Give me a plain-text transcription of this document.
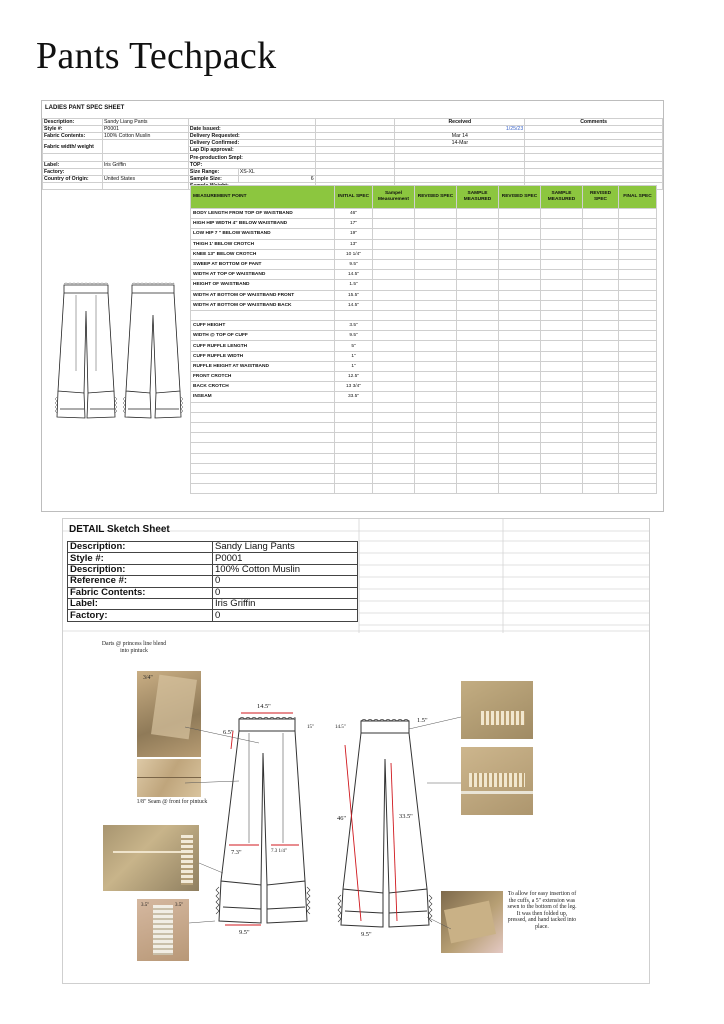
Pants Techpack
LADIES PANT SPEC SHEET
Description:	Sandy Liang Pants				Received	Comments
Style #:	P0001	Date Issued:			1/25/23	
Fabric Contents:	100% Cotton Muslin	Delivery Requested:			Mar 14	
Fabric width/ weight		Delivery Confirmed:			14-Mar	
		Lap Dip approval:				
		Pre-production Smpl:				
Label:	Iris Griffin	TOP:				
Factory:		Size Range:	XS-XL			
Country of Origin:	United States	Sample Size:	6			

MEASUREMENT POINT	INITIAL SPEC	Sampel Measurement	REVISED SPEC	SAMPLE MEASURED	REVISED SPEC	SAMPLE MEASURED	REVISED SPEC	FINAL SPEC
BODY LENGTH FROM TOP OF WAISTBAND	46"							
HIGH HIP WIDTH 4" BELOW WAISTBAND	17"							
LOW HIP 7 " BELOW WAISTBAND	19"							
THIGH 1' BELOW CROTCH	13"							
KNEE 13" BELOW CROTCH	10 1/4"							
SWEEP AT BOTTOM OF PANT	9.5"							
WIDTH AT TOP OF WAISTBAND	14.5"							
HEIGHT OF WAISTBAND	1.5"							
WIDTH AT BOTTOM OF WAISTBAND FRONT	15.5"							
WIDTH AT BOTTOM OF WAISTBAND BACK	14.5"							

CUFF HEIGHT	3.5"							
WIDTH @ TOP OF CUFF	9.5"							
CUFF RUFFLE LENGTH	5"							
CUFF RUFFLE WIDTH	1"							
RUFFLE HEIGHT AT WAISTBAND	1"							
FRONT CROTCH	12.5"							
BACK CROTCH	13 3/4"							
INSEAM	33.5"							

DETAIL Sketch Sheet
Description:	Sandy Liang Pants
Style #:	P0001
Description:	100% Cotton Muslin
Reference #:	0
Fabric Contents:	0
Label:	Iris Griffin
Factory:	0
Darts @ princess line blend into pintuck
3/4"
1/8" Seam @ front for pintuck
To allow for easy insertion of the cuffs, a 5" extension was sewn to the bottom of the leg. It was then folded up, pressed, and hand tacked into place.
14.5"
6.5"
15"	14.5"
1.5"
46"	33.5"
7.3"	7.3 1/4"
9.5"	9.5"
3.5"	3.5"
